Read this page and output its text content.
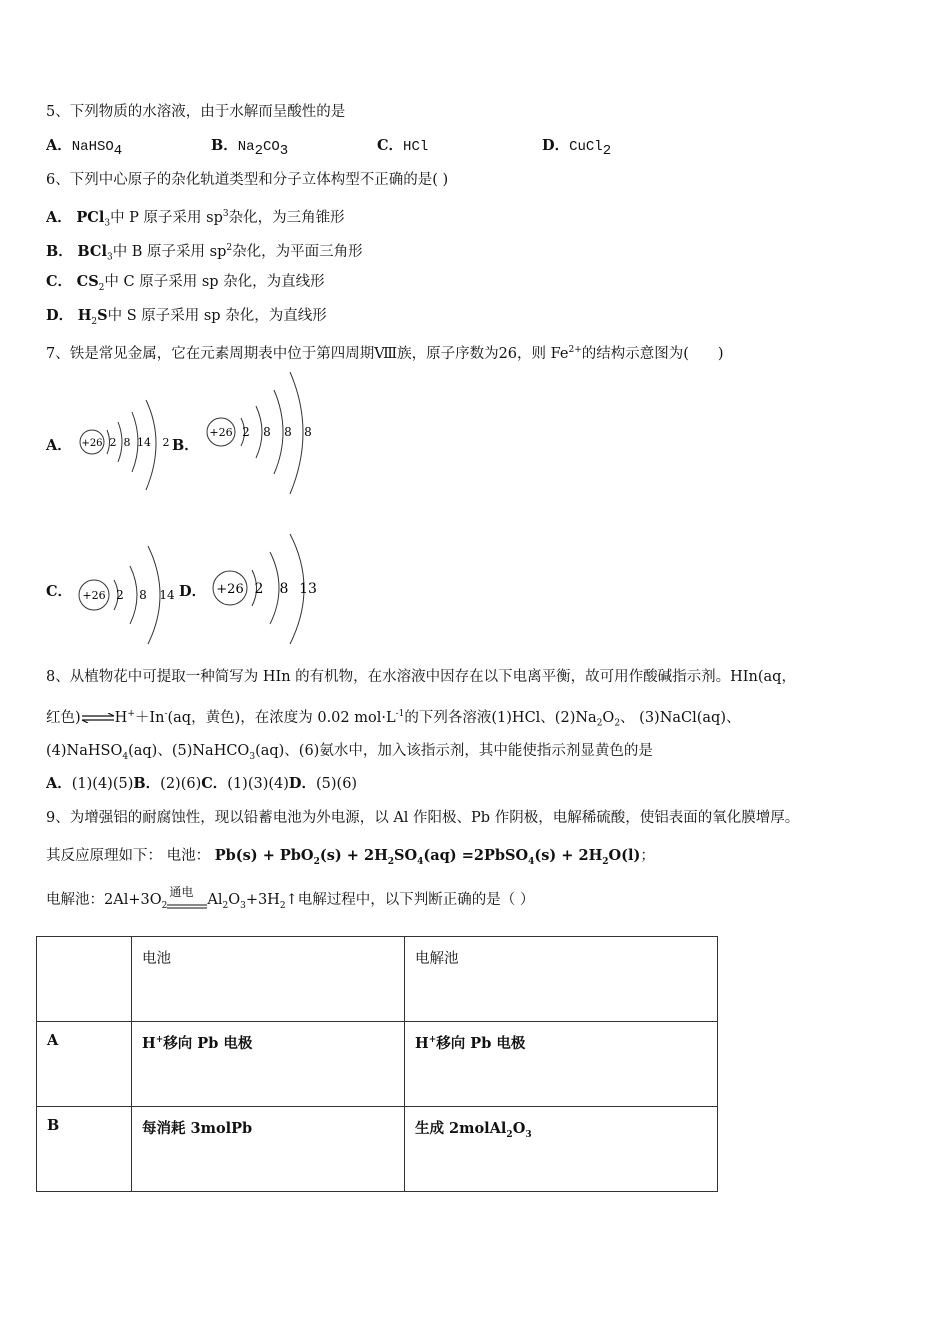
5、下列物质的水溶液，由于水解而呈酸性的是
A．NaHSO$_4$	B．$Na_2CO_3$	C．HCl	D．CuCl$_2$
6、下列中心原子的杂化轨道类型和分子立体构型不正确的是( )
A． PCl$_3$中 P 原子采用 $sp^3$杂化，为三角锥形
B． BCl$_3$中 B 原子采用 $sp^2$杂化，为平面三角形
C． $CS_2$中 C 原子采用 sp 杂化，为直线形
D． $H_2S$中 S 原子采用 sp 杂化，为直线形
7、铁是常见金属，它在元素周期表中位于第四周期Ⅷ族，原子序数为26，则 $Fe^{2+}$的结构示意图为(　　)
A． +26 2 8 14 2 B．
+26 2 8 8 8
C． +26 2 8 14 D． +26 2 8 13
8、从植物花中可提取一种简写为 HIn 的有机物，在水溶液中因存在以下电离平衡，故可用作酸碱指示剂。HIn(aq，
红色)⇌H+＋In-(aq，黄色)，在浓度为 0.02 $mol\cdot L^{-1}$的下列各溶液(1)HCl、$(2)Na_2O_2$、 (3)NaCl(aq)、
(4)NaHSO$_4$(aq)、(5)NaHCO$_3$(aq)、(6)氨水中，加入该指示剂，其中能使指示剂显黄色的是
A．(1)(4)(5)B．(2)(6)C．(1)(3)(4)D．(5)(6)
9、为增强铝的耐腐蚀性，现以铅蓄电池为外电源，以 Al 作阳极、Pb 作阴极，电解稀硫酸，使铝表面的氧化膜增厚。
其反应原理如下： 电池： $Pb(s) + PbO_2(s) + 2H_2SO_4(aq)$ =2PbSO$_4$(s) + $2H_2O(l)$；
电解池：$2Al+3O_2$
通电
$Al_2O_3+3H_2↑$电解过程中，以下判断正确的是（ ）
	电池	电解池
A	H+移向 Pb 电极	H+移向 Pb 电极
B	每消耗 3molPb	生成 $2molAl_2O_3$
